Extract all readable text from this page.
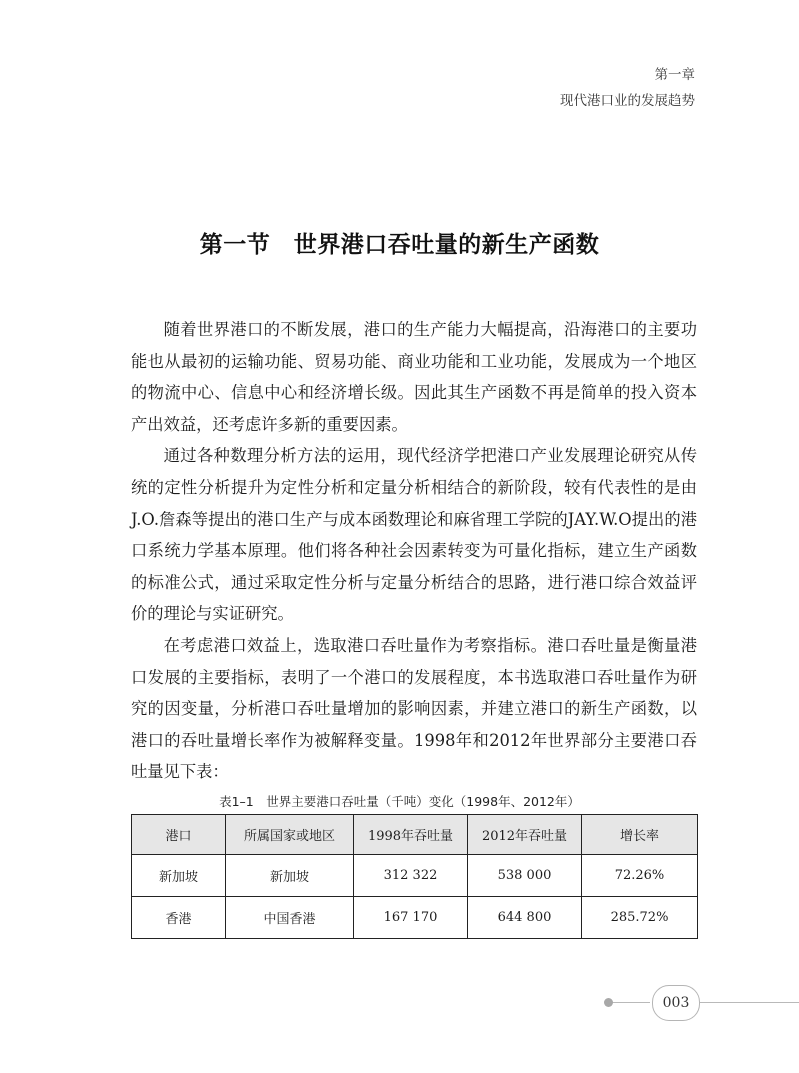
第一章
现代港口业的发展趋势
第一节　世界港口吞吐量的新生产函数

随着世界港口的不断发展，港口的生产能力大幅提高，沿海港口的主要功能也从最初的运输功能、贸易功能、商业功能和工业功能，发展成为一个地区的物流中心、信息中心和经济增长级。因此其生产函数不再是简单的投入资本产出效益，还考虑许多新的重要因素。

通过各种数理分析方法的运用，现代经济学把港口产业发展理论研究从传统的定性分析提升为定性分析和定量分析相结合的新阶段，较有代表性的是由J.O.詹森等提出的港口生产与成本函数理论和麻省理工学院的JAY.W.O提出的港口系统力学基本原理。他们将各种社会因素转变为可量化指标，建立生产函数的标准公式，通过采取定性分析与定量分析结合的思路，进行港口综合效益评价的理论与实证研究。

在考虑港口效益上，选取港口吞吐量作为考察指标。港口吞吐量是衡量港口发展的主要指标，表明了一个港口的发展程度，本书选取港口吞吐量作为研究的因变量，分析港口吞吐量增加的影响因素，并建立港口的新生产函数，以港口的吞吐量增长率作为被解释变量。1998年和2012年世界部分主要港口吞吐量见下表：

表1–1　世界主要港口吞吐量（千吨）变化（1998年、2012年）
港口	所属国家或地区	1998年吞吐量	2012年吞吐量	增长率
新加坡	新加坡	312 322	538 000	72.26%
香港	中国香港	167 170	644 800	285.72%
003
